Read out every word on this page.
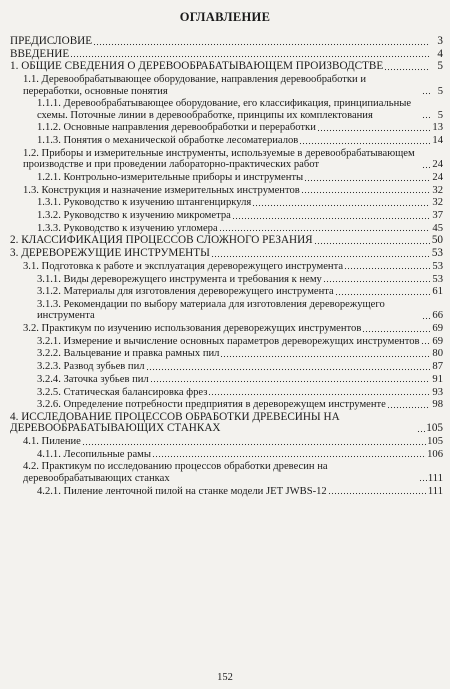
ОГЛАВЛЕНИЕ
ПРЕДИСЛОВИЕ	3
ВВЕДЕНИЕ	4
1. ОБЩИЕ СВЕДЕНИЯ О ДЕРЕВООБРАБАТЫВАЮЩЕМ ПРОИЗВОДСТВЕ	5
1.1. Деревообрабатывающее оборудование, направления деревообработки и переработки, основные понятия	5
1.1.1. Деревообрабатывающее оборудование, его классификация, принципиальные схемы. Поточные линии в деревообработке, принципы их комплектования	5
1.1.2. Основные направления деревообработки и переработки	13
1.1.3. Понятия о механической обработке лесоматериалов	14
1.2. Приборы и измерительные инструменты, используемые в деревообрабатывающем производстве и при проведении лабораторно-практических работ	24
1.2.1. Контрольно-измерительные приборы и инструменты	24
1.3. Конструкция и назначение измерительных инструментов	32
1.3.1. Руководство к изучению штангенциркуля	32
1.3.2. Руководство к изучению микрометра	37
1.3.3. Руководство к изучению угломера	45
2. КЛАССИФИКАЦИЯ ПРОЦЕССОВ СЛОЖНОГО РЕЗАНИЯ	50
3. ДЕРЕВОРЕЖУЩИЕ ИНСТРУМЕНТЫ	53
3.1. Подготовка к работе и эксплуатация дереворежущего инструмента	53
3.1.1. Виды дереворежущего инструмента и требования к нему	53
3.1.2. Материалы для изготовления дереворежущего инструмента	61
3.1.3. Рекомендации по выбору материала для изготовления дереворежущего инструмента	66
3.2. Практикум по изучению использования дереворежущих инструментов	69
3.2.1. Измерение и вычисление основных параметров дереворежущих инструментов 69
3.2.2. Вальцевание и правка рамных пил	80
3.2.3. Развод зубьев пил	87
3.2.4. Заточка зубьев пил	91
3.2.5. Статическая балансировка фрез	93
3.2.6. Определение потребности предприятия в дереворежущем инструменте	98
4. ИССЛЕДОВАНИЕ ПРОЦЕССОВ ОБРАБОТКИ ДРЕВЕСИНЫ НА ДЕРЕВООБРАБАТЫВАЮЩИХ СТАНКАХ	105
4.1. Пиление	105
4.1.1. Лесопильные рамы	106
4.2. Практикум по исследованию процессов обработки древесин на деревообрабатывающих станках	111
4.2.1. Пиление ленточной пилой на станке модели JET JWBS-12	111
152
